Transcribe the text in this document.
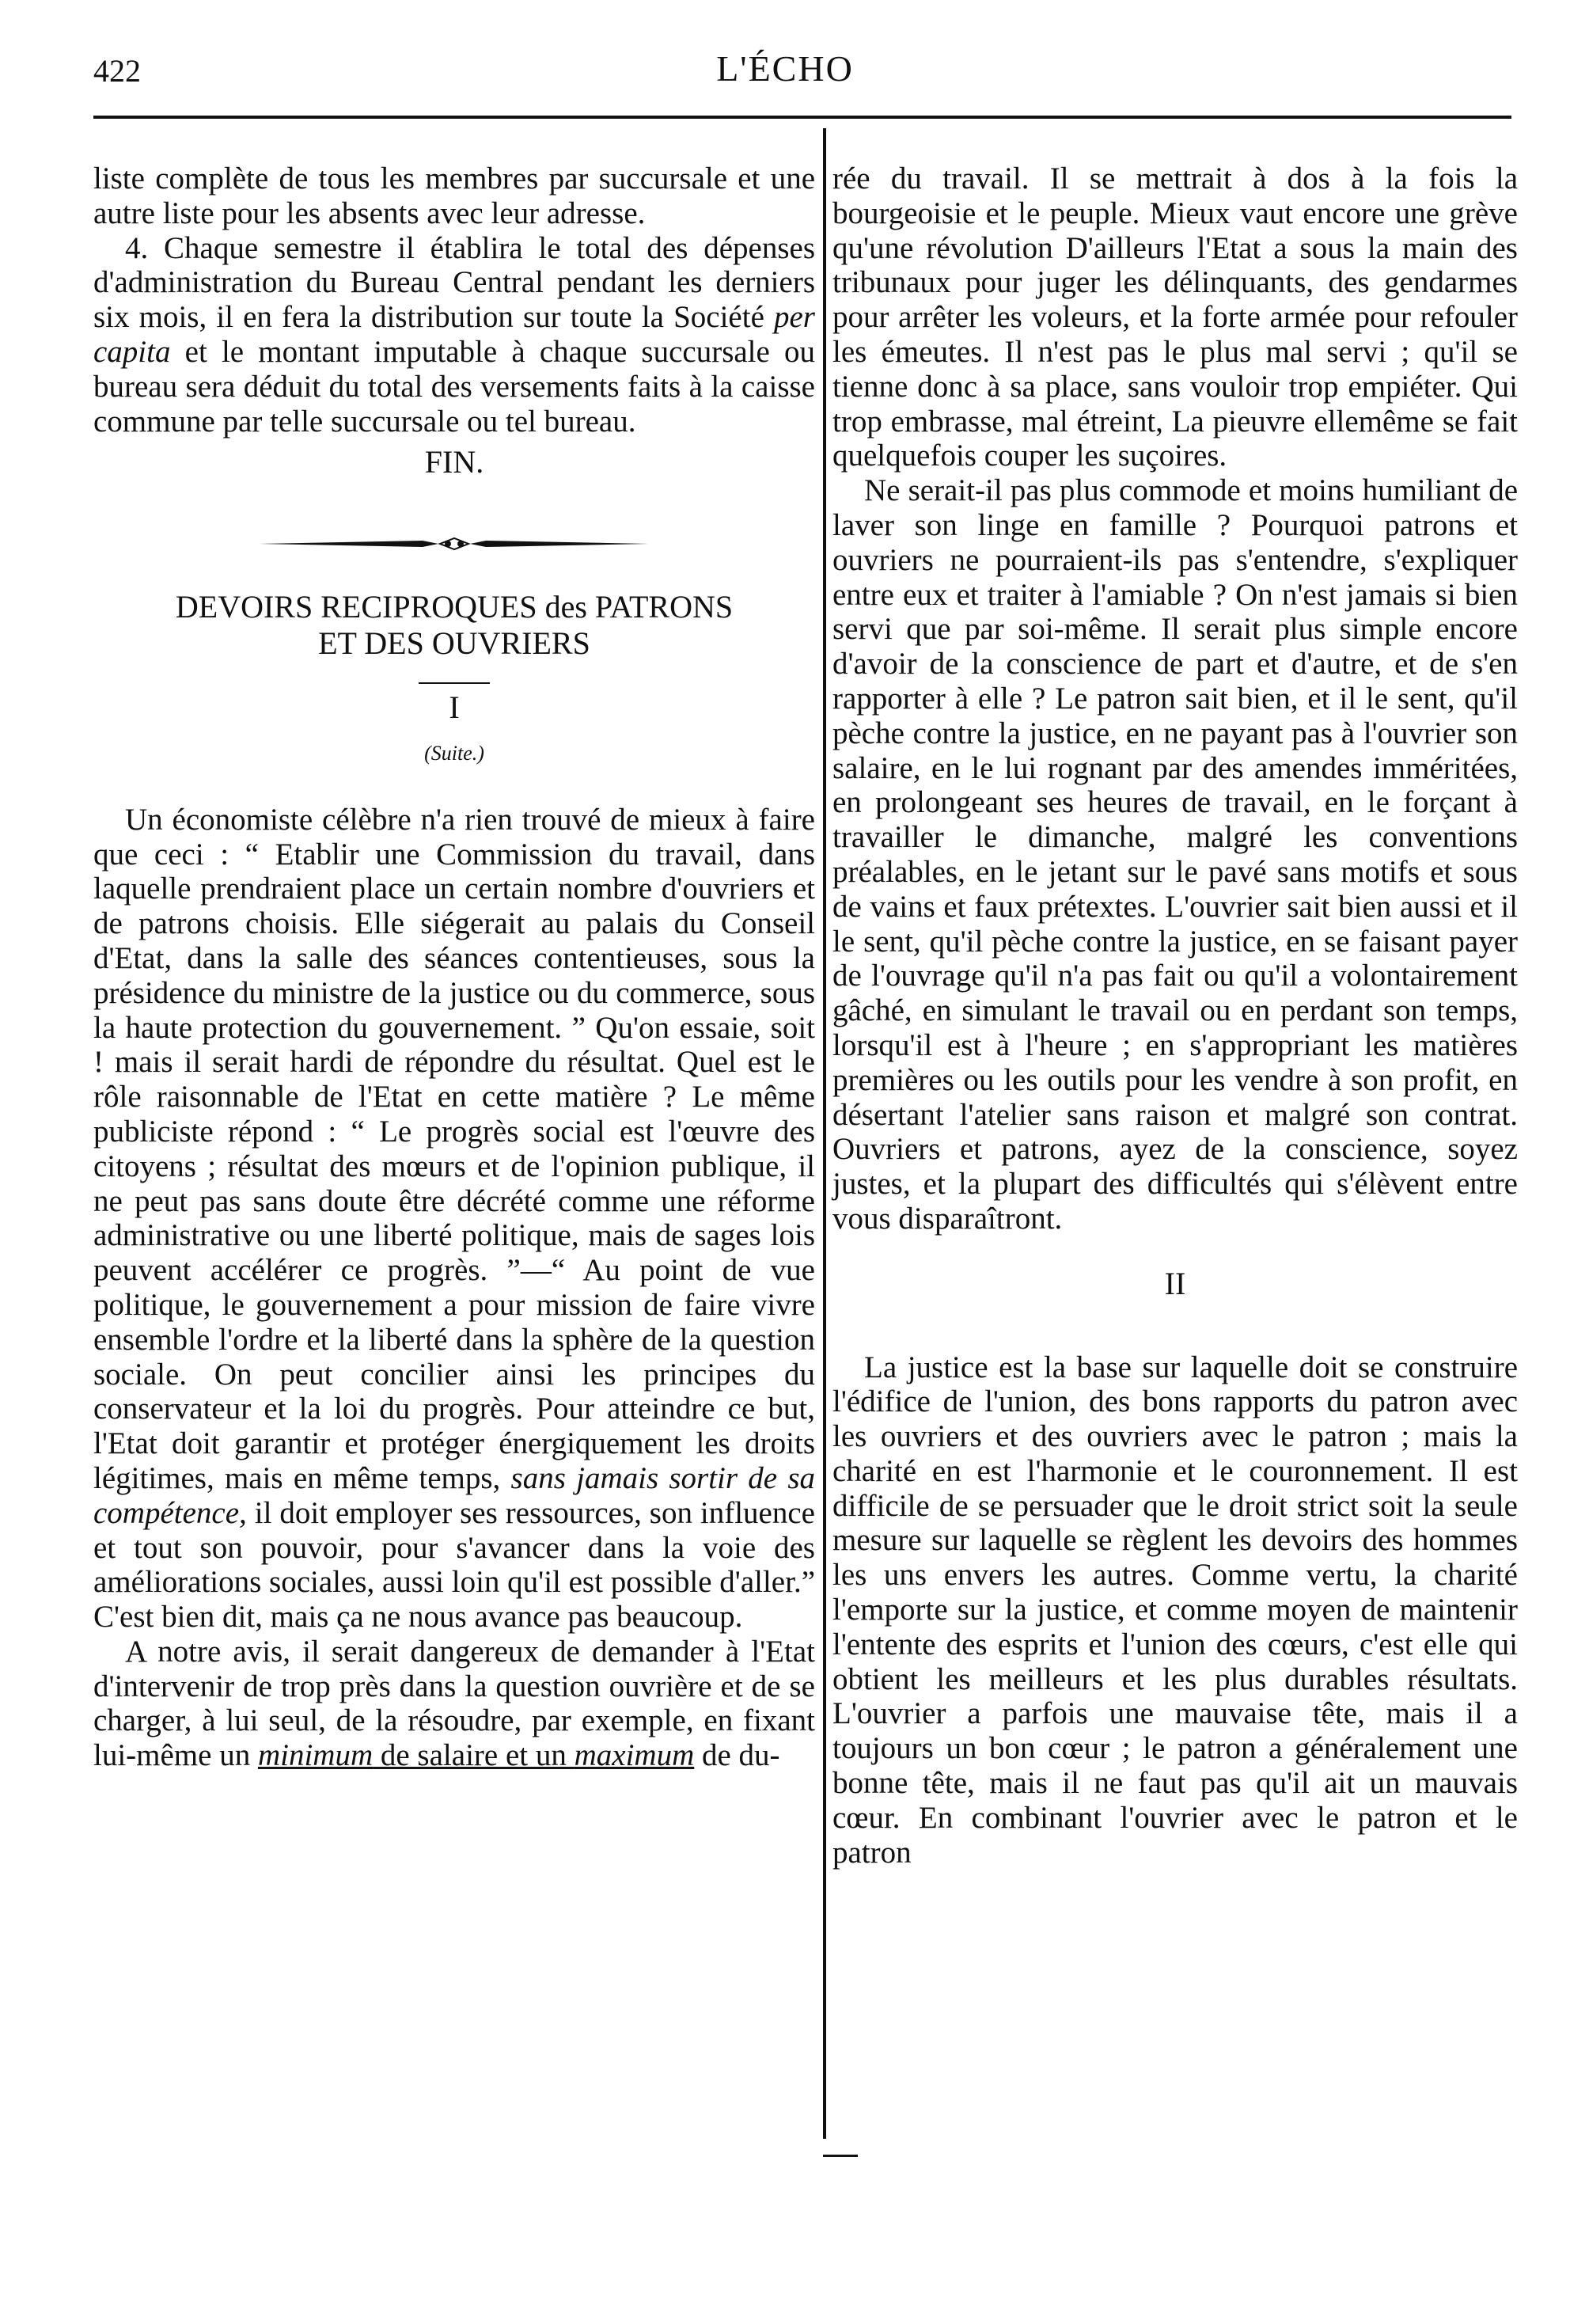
422	L'ÉCHO

liste complète de tous les membres par succursale et une autre liste pour les absents avec leur adresse.

4. Chaque semestre il établira le total des dépenses d'administration du Bureau Central pendant les derniers six mois, il en fera la distribution sur toute la Société per capita et le montant imputable à chaque succursale ou bureau sera déduit du total des versements faits à la caisse commune par telle succursale ou tel bureau.

FIN.
DEVOIRS RECIPROQUES des PATRONS
ET DES OUVRIERS
I
(Suite.)

Un économiste célèbre n'a rien trouvé de mieux à faire que ceci : “ Etablir une Commission du travail, dans laquelle prendraient place un certain nombre d'ouvriers et de patrons choisis. Elle siégerait au palais du Conseil d'Etat, dans la salle des séances contentieuses, sous la présidence du ministre de la justice ou du commerce, sous la haute protection du gouvernement. ” Qu'on essaie, soit ! mais il serait hardi de répondre du résultat. Quel est le rôle raisonnable de l'Etat en cette matière ? Le même publiciste répond : “ Le progrès social est l'œuvre des citoyens ; résultat des mœurs et de l'opinion publique, il ne peut pas sans doute être décrété comme une réforme administrative ou une liberté politique, mais de sages lois peuvent accélérer ce progrès. ”—“ Au point de vue politique, le gouvernement a pour mission de faire vivre ensemble l'ordre et la liberté dans la sphère de la question sociale. On peut concilier ainsi les principes du conservateur et la loi du progrès. Pour atteindre ce but, l'Etat doit garantir et protéger énergiquement les droits légitimes, mais en même temps, sans jamais sortir de sa compétence, il doit employer ses ressources, son influence et tout son pouvoir, pour s'avancer dans la voie des améliorations sociales, aussi loin qu'il est possible d'aller.” C'est bien dit, mais ça ne nous avance pas beaucoup.

A notre avis, il serait dangereux de demander à l'Etat d'intervenir de trop près dans la question ouvrière et de se charger, à lui seul, de la résoudre, par exemple, en fixant lui-même un minimum de salaire et un maximum de du-

rée du travail. Il se mettrait à dos à la fois la bourgeoisie et le peuple. Mieux vaut encore une grève qu'une révolution D'ailleurs l'Etat a sous la main des tribunaux pour juger les délinquants, des gendarmes pour arrêter les voleurs, et la forte armée pour refouler les émeutes. Il n'est pas le plus mal servi ; qu'il se tienne donc à sa place, sans vouloir trop empiéter. Qui trop embrasse, mal étreint, La pieuvre ellemême se fait quelquefois couper les suçoires.

Ne serait-il pas plus commode et moins humiliant de laver son linge en famille ? Pourquoi patrons et ouvriers ne pourraient-ils pas s'entendre, s'expliquer entre eux et traiter à l'amiable ? On n'est jamais si bien servi que par soi-même. Il serait plus simple encore d'avoir de la conscience de part et d'autre, et de s'en rapporter à elle ? Le patron sait bien, et il le sent, qu'il pèche contre la justice, en ne payant pas à l'ouvrier son salaire, en le lui rognant par des amendes imméritées, en prolongeant ses heures de travail, en le forçant à travailler le dimanche, malgré les conventions préalables, en le jetant sur le pavé sans motifs et sous de vains et faux prétextes. L'ouvrier sait bien aussi et il le sent, qu'il pèche contre la justice, en se faisant payer de l'ouvrage qu'il n'a pas fait ou qu'il a volontairement gâché, en simulant le travail ou en perdant son temps, lorsqu'il est à l'heure ; en s'appropriant les matières premières ou les outils pour les vendre à son profit, en désertant l'atelier sans raison et malgré son contrat. Ouvriers et patrons, ayez de la conscience, soyez justes, et la plupart des difficultés qui s'élèvent entre vous disparaîtront.

II

La justice est la base sur laquelle doit se construire l'édifice de l'union, des bons rapports du patron avec les ouvriers et des ouvriers avec le patron ; mais la charité en est l'harmonie et le couronnement. Il est difficile de se persuader que le droit strict soit la seule mesure sur laquelle se règlent les devoirs des hommes les uns envers les autres. Comme vertu, la charité l'emporte sur la justice, et comme moyen de maintenir l'entente des esprits et l'union des cœurs, c'est elle qui obtient les meilleurs et les plus durables résultats. L'ouvrier a parfois une mauvaise tête, mais il a toujours un bon cœur ; le patron a généralement une bonne tête, mais il ne faut pas qu'il ait un mauvais cœur. En combinant l'ouvrier avec le patron et le patron
